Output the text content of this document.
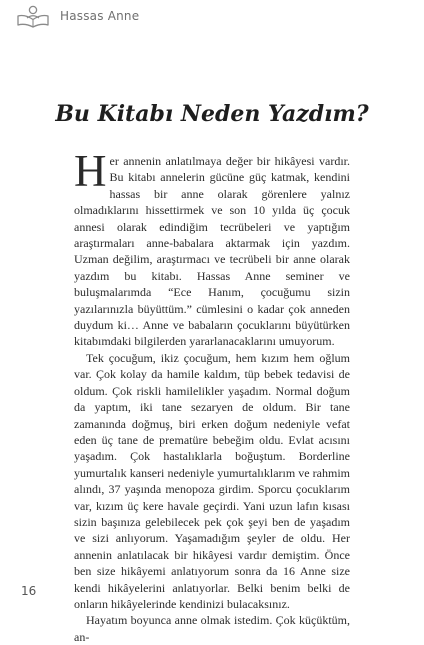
Hassas Anne
Bu Kitabı Neden Yazdım?

Her annenin anlatılmaya değer bir hikâyesi vardır. Bu kitabı annelerin gücüne güç katmak, kendini hassas bir anne olarak görenlere yalnız olmadıklarını hissettirmek ve son 10 yılda üç çocuk annesi olarak edindiğim tecrübeleri ve yaptığım araştırmaları anne-babalara aktarmak için yazdım. Uzman değilim, araştırmacı ve tecrübeli bir anne olarak yazdım bu kitabı. Hassas Anne seminer ve buluşmalarımda “Ece Hanım, çocuğumu sizin yazılarınızla büyüttüm.” cümlesini o kadar çok anneden duydum ki… Anne ve babaların çocuklarını büyütürken kitabımdaki bilgilerden yararlanacaklarını umuyorum.

Tek çocuğum, ikiz çocuğum, hem kızım hem oğlum var. Çok kolay da hamile kaldım, tüp bebek tedavisi de oldum. Çok riskli hamilelikler yaşadım. Normal doğum da yaptım, iki tane sezaryen de oldum. Bir tane zamanında doğmuş, biri erken doğum nedeniyle vefat eden üç tane de prematüre bebeğim oldu. Evlat acısını yaşadım. Çok hastalıklarla boğuştum. Borderline yumurtalık kanseri nedeniyle yumurtalıklarım ve rahmim alındı, 37 yaşında menopoza girdim. Sporcu çocuklarım var, kızım üç kere havale geçirdi. Yani uzun lafın kısası sizin başınıza gelebilecek pek çok şeyi ben de yaşadım ve sizi anlıyorum. Yaşamadığım şeyler de oldu. Her annenin anlatılacak bir hikâyesi vardır demiştim. Önce ben size hikâyemi anlatıyorum sonra da 16 Anne size kendi hikâyelerini anlatıyorlar. Belki benim belki de onların hikâyelerinde kendinizi bulacaksınız.

Hayatım boyunca anne olmak istedim. Çok küçüktüm, an-

16
